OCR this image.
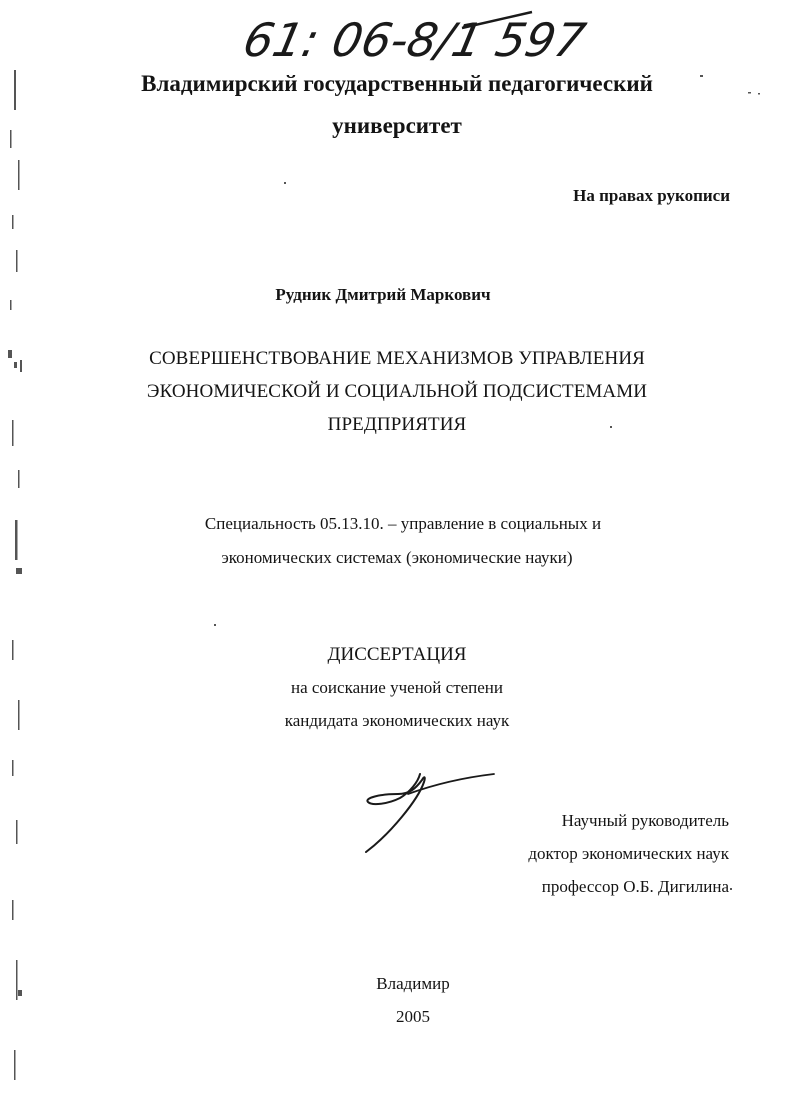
61: 06-8/1 597
Владимирский государственный педагогический
университет
На правах рукописи
Рудник Дмитрий Маркович
СОВЕРШЕНСТВОВАНИЕ МЕХАНИЗМОВ УПРАВЛЕНИЯ
ЭКОНОМИЧЕСКОЙ И СОЦИАЛЬНОЙ ПОДСИСТЕМАМИ
ПРЕДПРИЯТИЯ
Специальность 05.13.10. – управление в социальных и
экономических системах (экономические науки)
ДИССЕРТАЦИЯ
на соискание ученой степени
кандидата экономических наук
Научный руководитель
доктор экономических наук
профессор О.Б. Дигилина
Владимир
2005
